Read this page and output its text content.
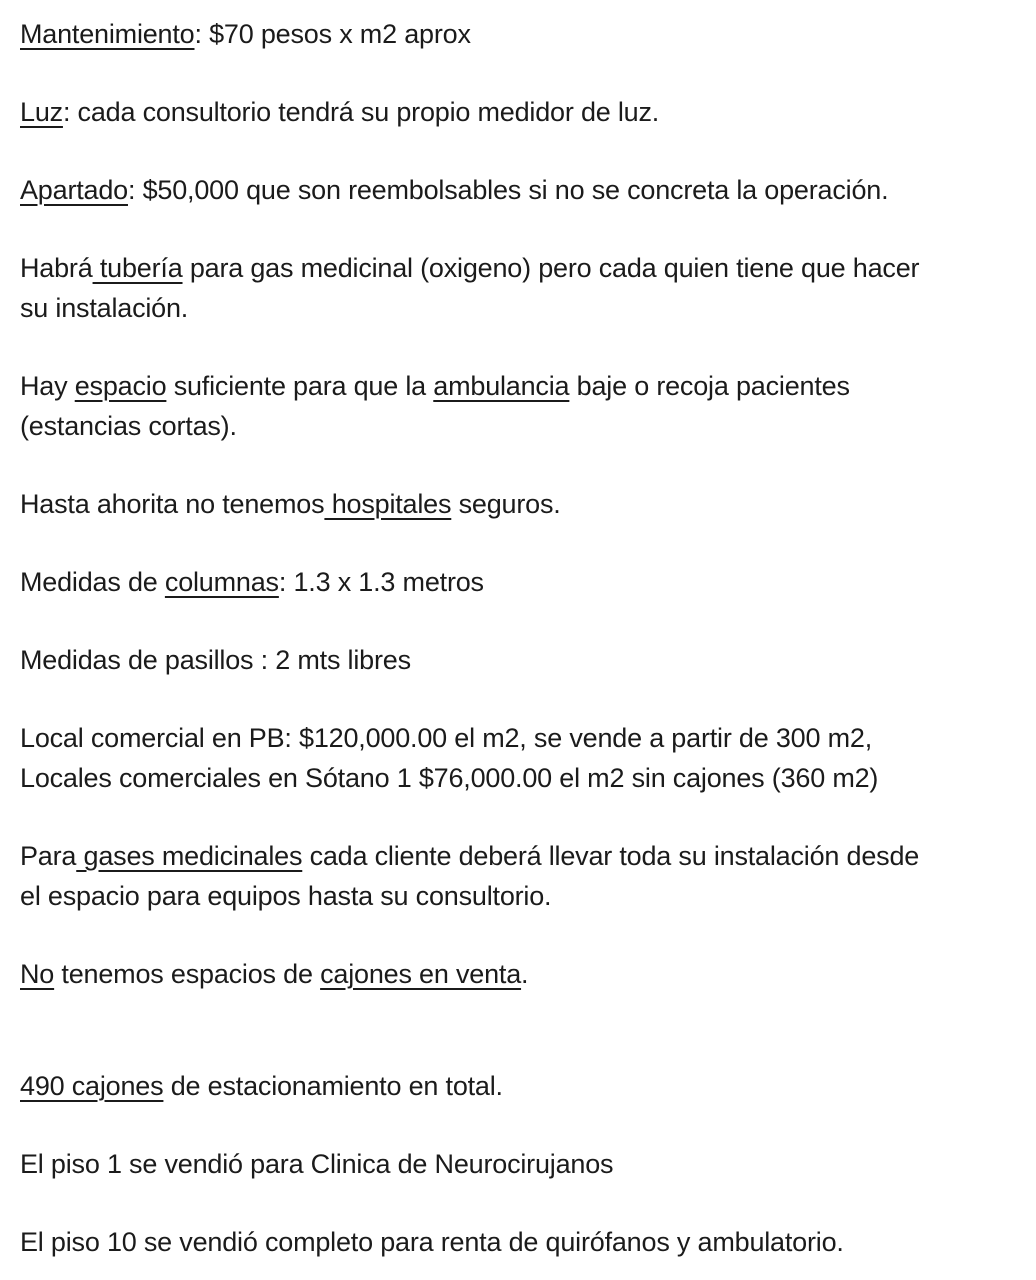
Mantenimiento: $70 pesos x m2 aprox

Luz: cada consultorio tendrá su propio medidor de luz.

Apartado: $50,000 que son reembolsables si no se concreta la operación.

Habrá tubería para gas medicinal (oxigeno) pero cada quien tiene que hacer
su instalación.

Hay espacio suficiente para que la ambulancia baje o recoja pacientes
(estancias cortas).

Hasta ahorita no tenemos hospitales seguros.

Medidas de columnas: 1.3 x 1.3 metros

Medidas de pasillos : 2 mts libres

Local comercial en PB: $120,000.00 el m2, se vende a partir de 300 m2,
Locales comerciales en Sótano 1 $76,000.00 el m2 sin cajones (360 m2)

Para gases medicinales cada cliente deberá llevar toda su instalación desde
el espacio para equipos hasta su consultorio.

No tenemos espacios de cajones en venta.

490 cajones de estacionamiento en total.

El piso 1 se vendió para Clinica de Neurocirujanos

El piso 10 se vendió completo para renta de quirófanos y ambulatorio.
